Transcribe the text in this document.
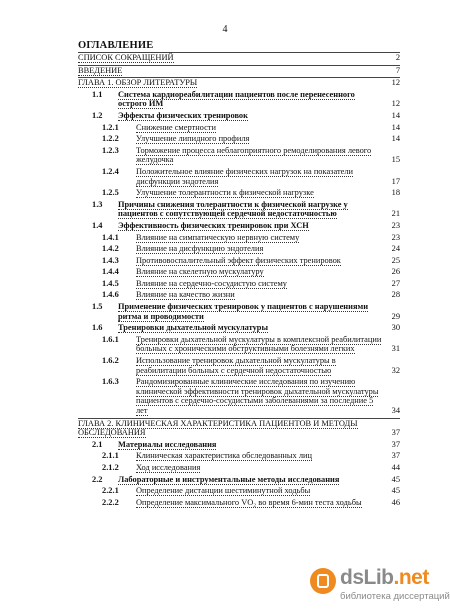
4
ОГЛАВЛЕНИЕ
СПИСОК СОКРАЩЕНИЙ	2
ВВЕДЕНИЕ	7
ГЛАВА 1. ОБЗОР ЛИТЕРАТУРЫ	12
1.1 Система кардиореабилитации пациентов после перенесенного острого ИМ	12
1.2 Эффекты физических тренировок	14
1.2.1 Снижение смертности	14
1.2.2 Улучшение липидного профиля	14
1.2.3 Торможение процесса неблагоприятного ремоделирования левого желудочка	15
1.2.4 Положительное влияние физических нагрузок на показатели дисфункции эндотелия	17
1.2.5 Улучшение толерантности к физической нагрузке	18
1.3 Причины снижения толерантности к физической нагрузке у пациентов с сопутствующей сердечной недостаточностью	21
1.4 Эффективность физических тренировок при ХСН	23
1.4.1 Влияние на симпатическую нервную систему	23
1.4.2 Влияние на дисфункцию эндотелия	24
1.4.3 Противовоспалительный эффект физических тренировок	25
1.4.4 Влияние на скелетную мускулатуру	26
1.4.5 Влияние на сердечно-сосудистую систему	27
1.4.6 Влияние на качество жизни	28
1.5 Применение физических тренировок у пациентов с нарушениями ритма и проводимости	29
1.6 Тренировки дыхательной мускулатуры	30
1.6.1 Тренировки дыхательной мускулатуры в комплексной реабилитации больных с хроническими обструктивными болезнями легких	31
1.6.2 Использование тренировок дыхательной мускулатуры в реабилитации больных с сердечной недостаточностью	32
1.6.3 Рандомизированные клинические исследования по изучению клинической эффективности тренировок дыхательной мускулатуры пациентов с сердечно-сосудистыми заболеваниями за последние 5 лет	34
ГЛАВА 2. КЛИНИЧЕСКАЯ ХАРАКТЕРИСТИКА ПАЦИЕНТОВ И МЕТОДЫ ОБСЛЕДОВАНИЯ	37
2.1 Материалы исследования	37
2.1.1 Клиническая характеристика обследованных лиц	37
2.1.2 Ход исследования	44
2.2 Лабораторные и инструментальные методы исследования	45
2.2.1 Определение дистанции шестиминутной ходьбы	45
2.2.2 Определение максимального VO₂ во время 6-мин теста ходьбы	46
dsLib.net
библиотека диссертаций
